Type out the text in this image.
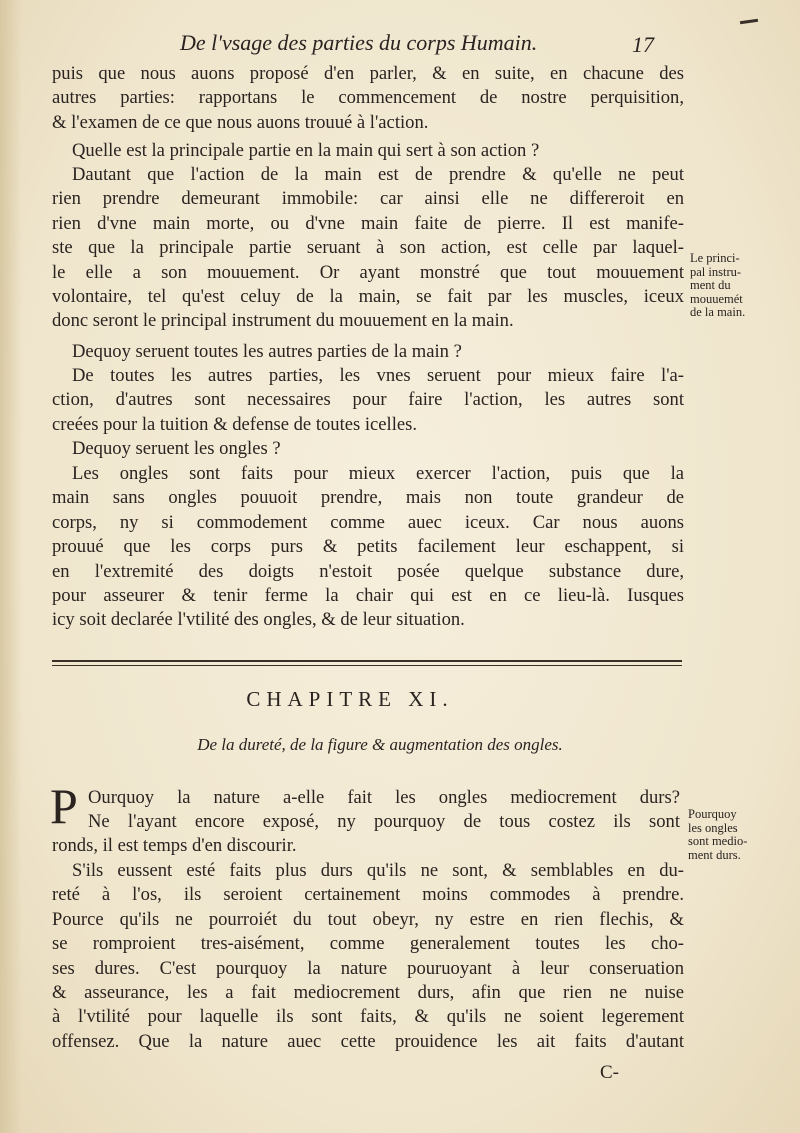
De l'vsage des parties du corps Humain.	17
puis que nous auons proposé d'en parler, & en suite, en chacune des
autres parties: rapportans le commencement de nostre perquisition,
& l'examen de ce que nous auons trouué à l'action.
Quelle est la principale partie en la main qui sert à son action ?
Dautant que l'action de la main est de prendre & qu'elle ne peut
rien prendre demeurant immobile: car ainsi elle ne differeroit en
rien d'vne main morte, ou d'vne main faite de pierre. Il est manife-
ste que la principale partie seruant à son action, est celle par laquel-
le elle a son mouuement. Or ayant monstré que tout mouuement
volontaire, tel qu'est celuy de la main, se fait par les muscles, iceux
donc seront le principal instrument du mouuement en la main.
Le princi-
pal instru-
ment du
mouuemét
de la main.
Dequoy seruent toutes les autres parties de la main ?
De toutes les autres parties, les vnes seruent pour mieux faire l'a-
ction, d'autres sont necessaires pour faire l'action, les autres sont
creées pour la tuition & defense de toutes icelles.
Dequoy seruent les ongles ?
Les ongles sont faits pour mieux exercer l'action, puis que la
main sans ongles pouuoit prendre, mais non toute grandeur de
corps, ny si commodement comme auec iceux. Car nous auons
prouué que les corps purs & petits facilement leur eschappent, si
en l'extremité des doigts n'estoit posée quelque substance dure,
pour asseurer & tenir ferme la chair qui est en ce lieu-là. Iusques
icy soit declarée l'vtilité des ongles, & de leur situation.
CHAPITRE XI.
De la dureté, de la figure & augmentation des ongles.
P Ourquoy la nature a-elle fait les ongles mediocrement durs?
Ne l'ayant encore exposé, ny pourquoy de tous costez ils sont
ronds, il est temps d'en discourir.
Pourquoy
les ongles
sont medio-
ment durs.
S'ils eussent esté faits plus durs qu'ils ne sont, & semblables en du-
reté à l'os, ils seroient certainement moins commodes à prendre.
Pource qu'ils ne pourroiét du tout obeyr, ny estre en rien flechis, &
se romproient tres-aisément, comme generalement toutes les cho-
ses dures. C'est pourquoy la nature pouruoyant à leur conseruation
& asseurance, les a fait mediocrement durs, afin que rien ne nuise
à l'vtilité pour laquelle ils sont faits, & qu'ils ne soient legerement
offensez. Que la nature auec cette prouidence les ait faits d'autant
C-
